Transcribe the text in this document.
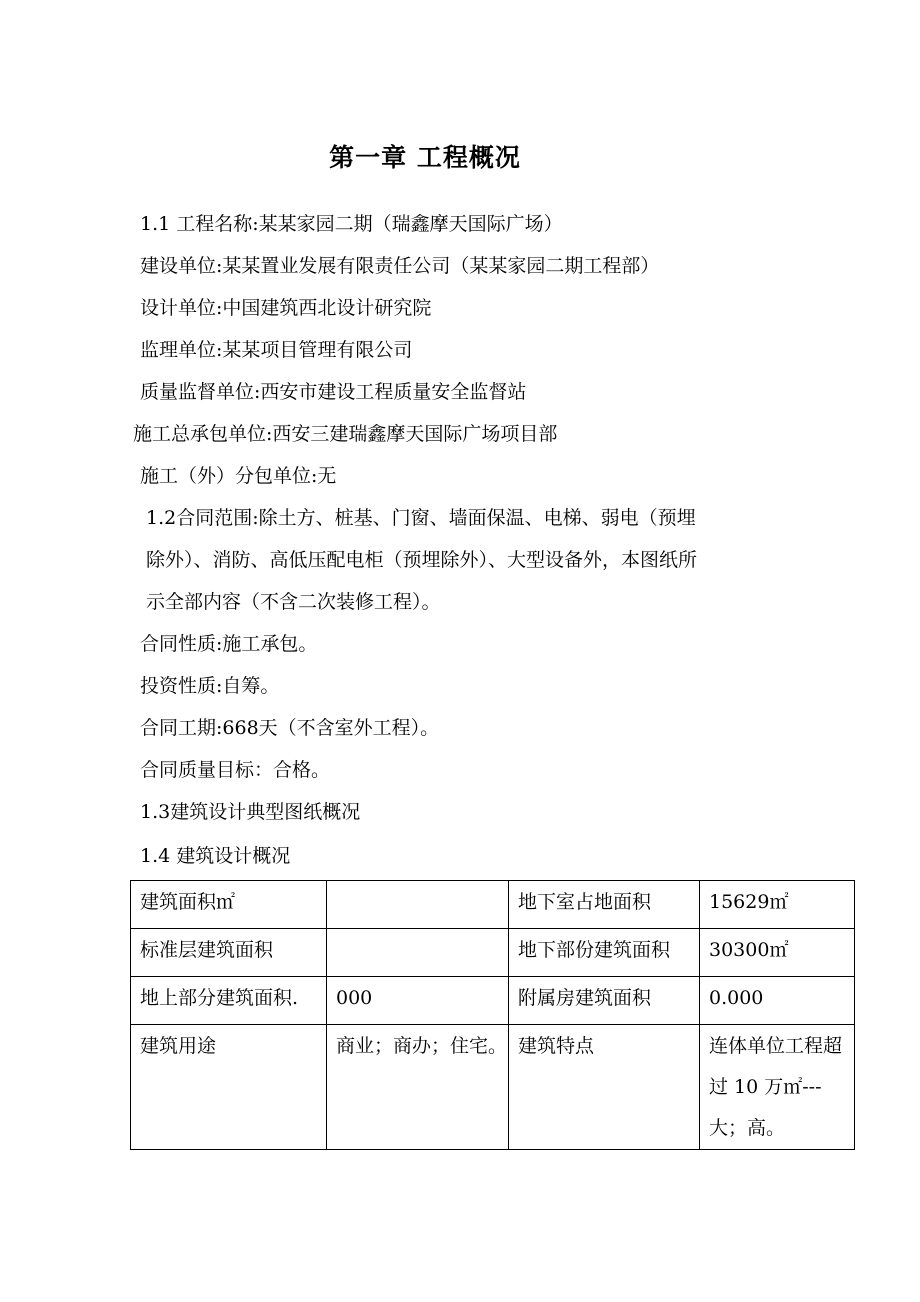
第一章 工程概况
1.1 工程名称:某某家园二期（瑞鑫摩天国际广场）
建设单位:某某置业发展有限责任公司（某某家园二期工程部）
设计单位:中国建筑西北设计研究院
监理单位:某某项目管理有限公司
质量监督单位:西安市建设工程质量安全监督站
施工总承包单位:西安三建瑞鑫摩天国际广场项目部
施工（外）分包单位:无
1.2合同范围:除土方、桩基、门窗、墙面保温、电梯、弱电（预埋
除外）、消防、高低压配电柜（预埋除外）、大型设备外，本图纸所
示全部内容（不含二次装修工程）。
合同性质:施工承包。
投资性质:自筹。
合同工期:668天（不含室外工程）。
合同质量目标：合格。
1.3建筑设计典型图纸概况
1.4 建筑设计概况
建筑面积㎡		地下室占地面积	15629㎡
标准层建筑面积		地下部份建筑面积	30300㎡
地上部分建筑面积.	000	附属房建筑面积	0.000
建筑用途	商业；商办；住宅。	建筑特点	连体单位工程超过 10 万㎡---大；高。
